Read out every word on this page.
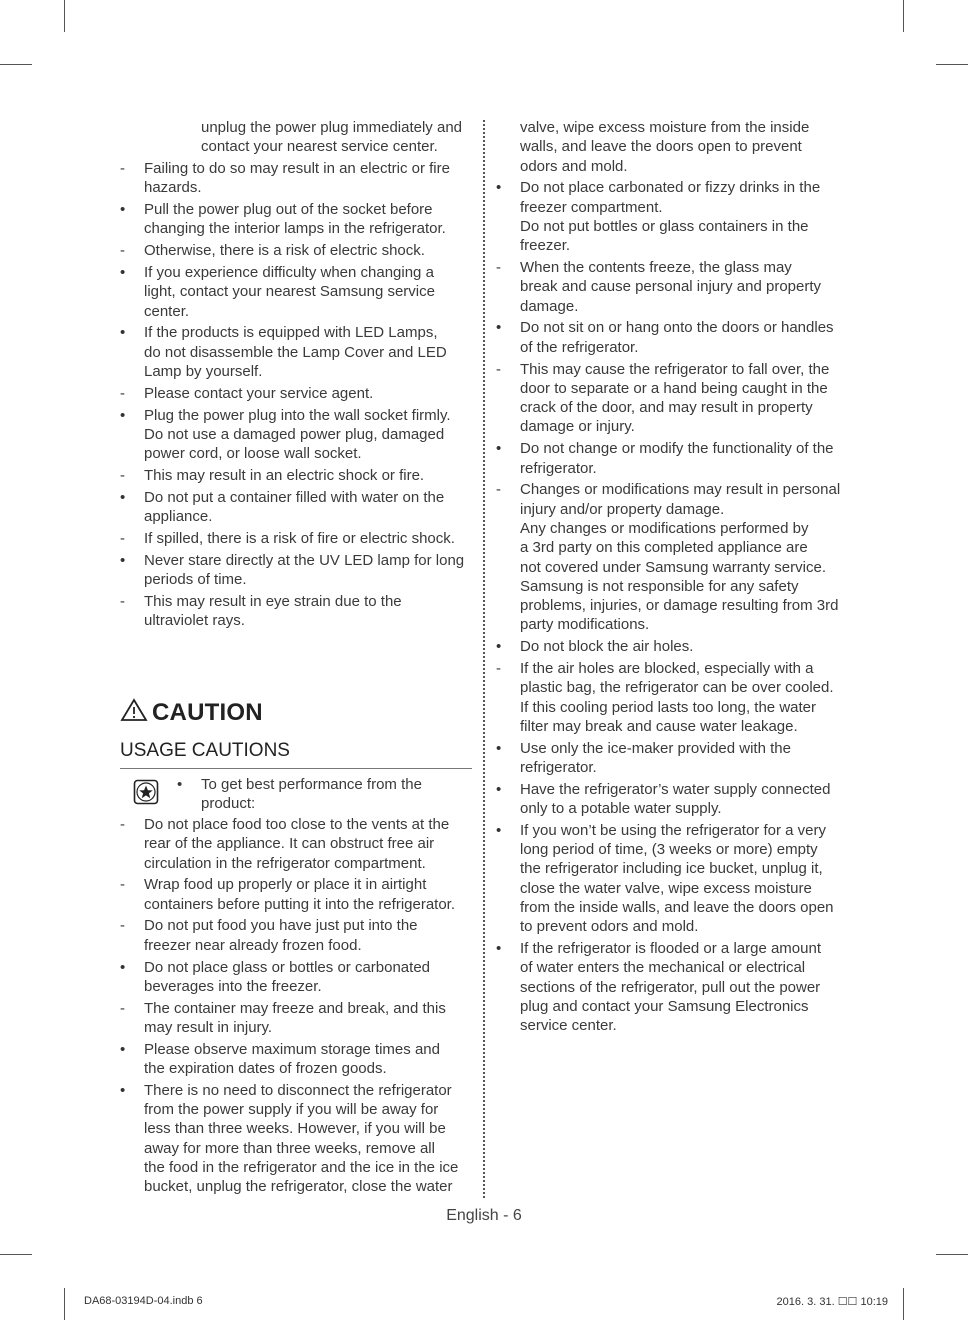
unplug the power plug immediately and
contact your nearest service center.
-
Failing to do so may result in an electric or fire
hazards.
•
Pull the power plug out of the socket before
changing the interior lamps in the refrigerator.
-
Otherwise, there is a risk of electric shock.
•
If you experience difficulty when changing a
light, contact your nearest Samsung service
center.
•
If the products is equipped with LED Lamps,
do not disassemble the Lamp Cover and LED
Lamp by yourself.
-
Please contact your service agent.
•
Plug the power plug into the wall socket firmly.
Do not use a damaged power plug, damaged
power cord, or loose wall socket.
-
This may result in an electric shock or fire.
•
Do not put a container filled with water on the
appliance.
-
If spilled, there is a risk of fire or electric shock.
•
Never stare directly at the UV LED lamp for long
periods of time.
-
This may result in eye strain due to the
ultraviolet rays.
CAUTION
USAGE CAUTIONS
• To get best performance from the
product:
-
Do not place food too close to the vents at the
rear of the appliance. It can obstruct free air
circulation in the refrigerator compartment.
-
Wrap food up properly or place it in airtight
containers before putting it into the refrigerator.
-
Do not put food you have just put into the
freezer near already frozen food.
•
Do not place glass or bottles or carbonated
beverages into the freezer.
-
The container may freeze and break, and this
may result in injury.
•
Please observe maximum storage times and
the expiration dates of frozen goods.
•
There is no need to disconnect the refrigerator
from the power supply if you will be away for
less than three weeks. However, if you will be
away for more than three weeks, remove all
the food in the refrigerator and the ice in the ice
bucket, unplug the refrigerator, close the water
valve, wipe excess moisture from the inside
walls, and leave the doors open to prevent
odors and mold.
•
Do not place carbonated or fizzy drinks in the
freezer compartment.
Do not put bottles or glass containers in the
freezer.
-
When the contents freeze, the glass may
break and cause personal injury and property
damage.
•
Do not sit on or hang onto the doors or handles
of the refrigerator.
-
This may cause the refrigerator to fall over, the
door to separate or a hand being caught in the
crack of the door, and may result in property
damage or injury.
•
Do not change or modify the functionality of the
refrigerator.
-
Changes or modifications may result in personal
injury and/or property damage.
Any changes or modifications performed by
a 3rd party on this completed appliance are
not covered under Samsung warranty service.
Samsung is not responsible for any safety
problems, injuries, or damage resulting from 3rd
party modifications.
•
Do not block the air holes.
-
If the air holes are blocked, especially with a
plastic bag, the refrigerator can be over cooled.
If this cooling period lasts too long, the water
filter may break and cause water leakage.
•
Use only the ice-maker provided with the
refrigerator.
•
Have the refrigerator’s water supply connected
only to a potable water supply.
•
If you won’t be using the refrigerator for a very
long period of time, (3 weeks or more) empty
the refrigerator including ice bucket, unplug it,
close the water valve, wipe excess moisture
from the inside walls, and leave the doors open
to prevent odors and mold.
•
If the refrigerator is flooded or a large amount
of water enters the mechanical or electrical
sections of the refrigerator, pull out the power
plug and contact your Samsung Electronics
service center.
English - 6
DA68-03194D-04.indb 6	2016. 3. 31. ☐☐ 10:19
